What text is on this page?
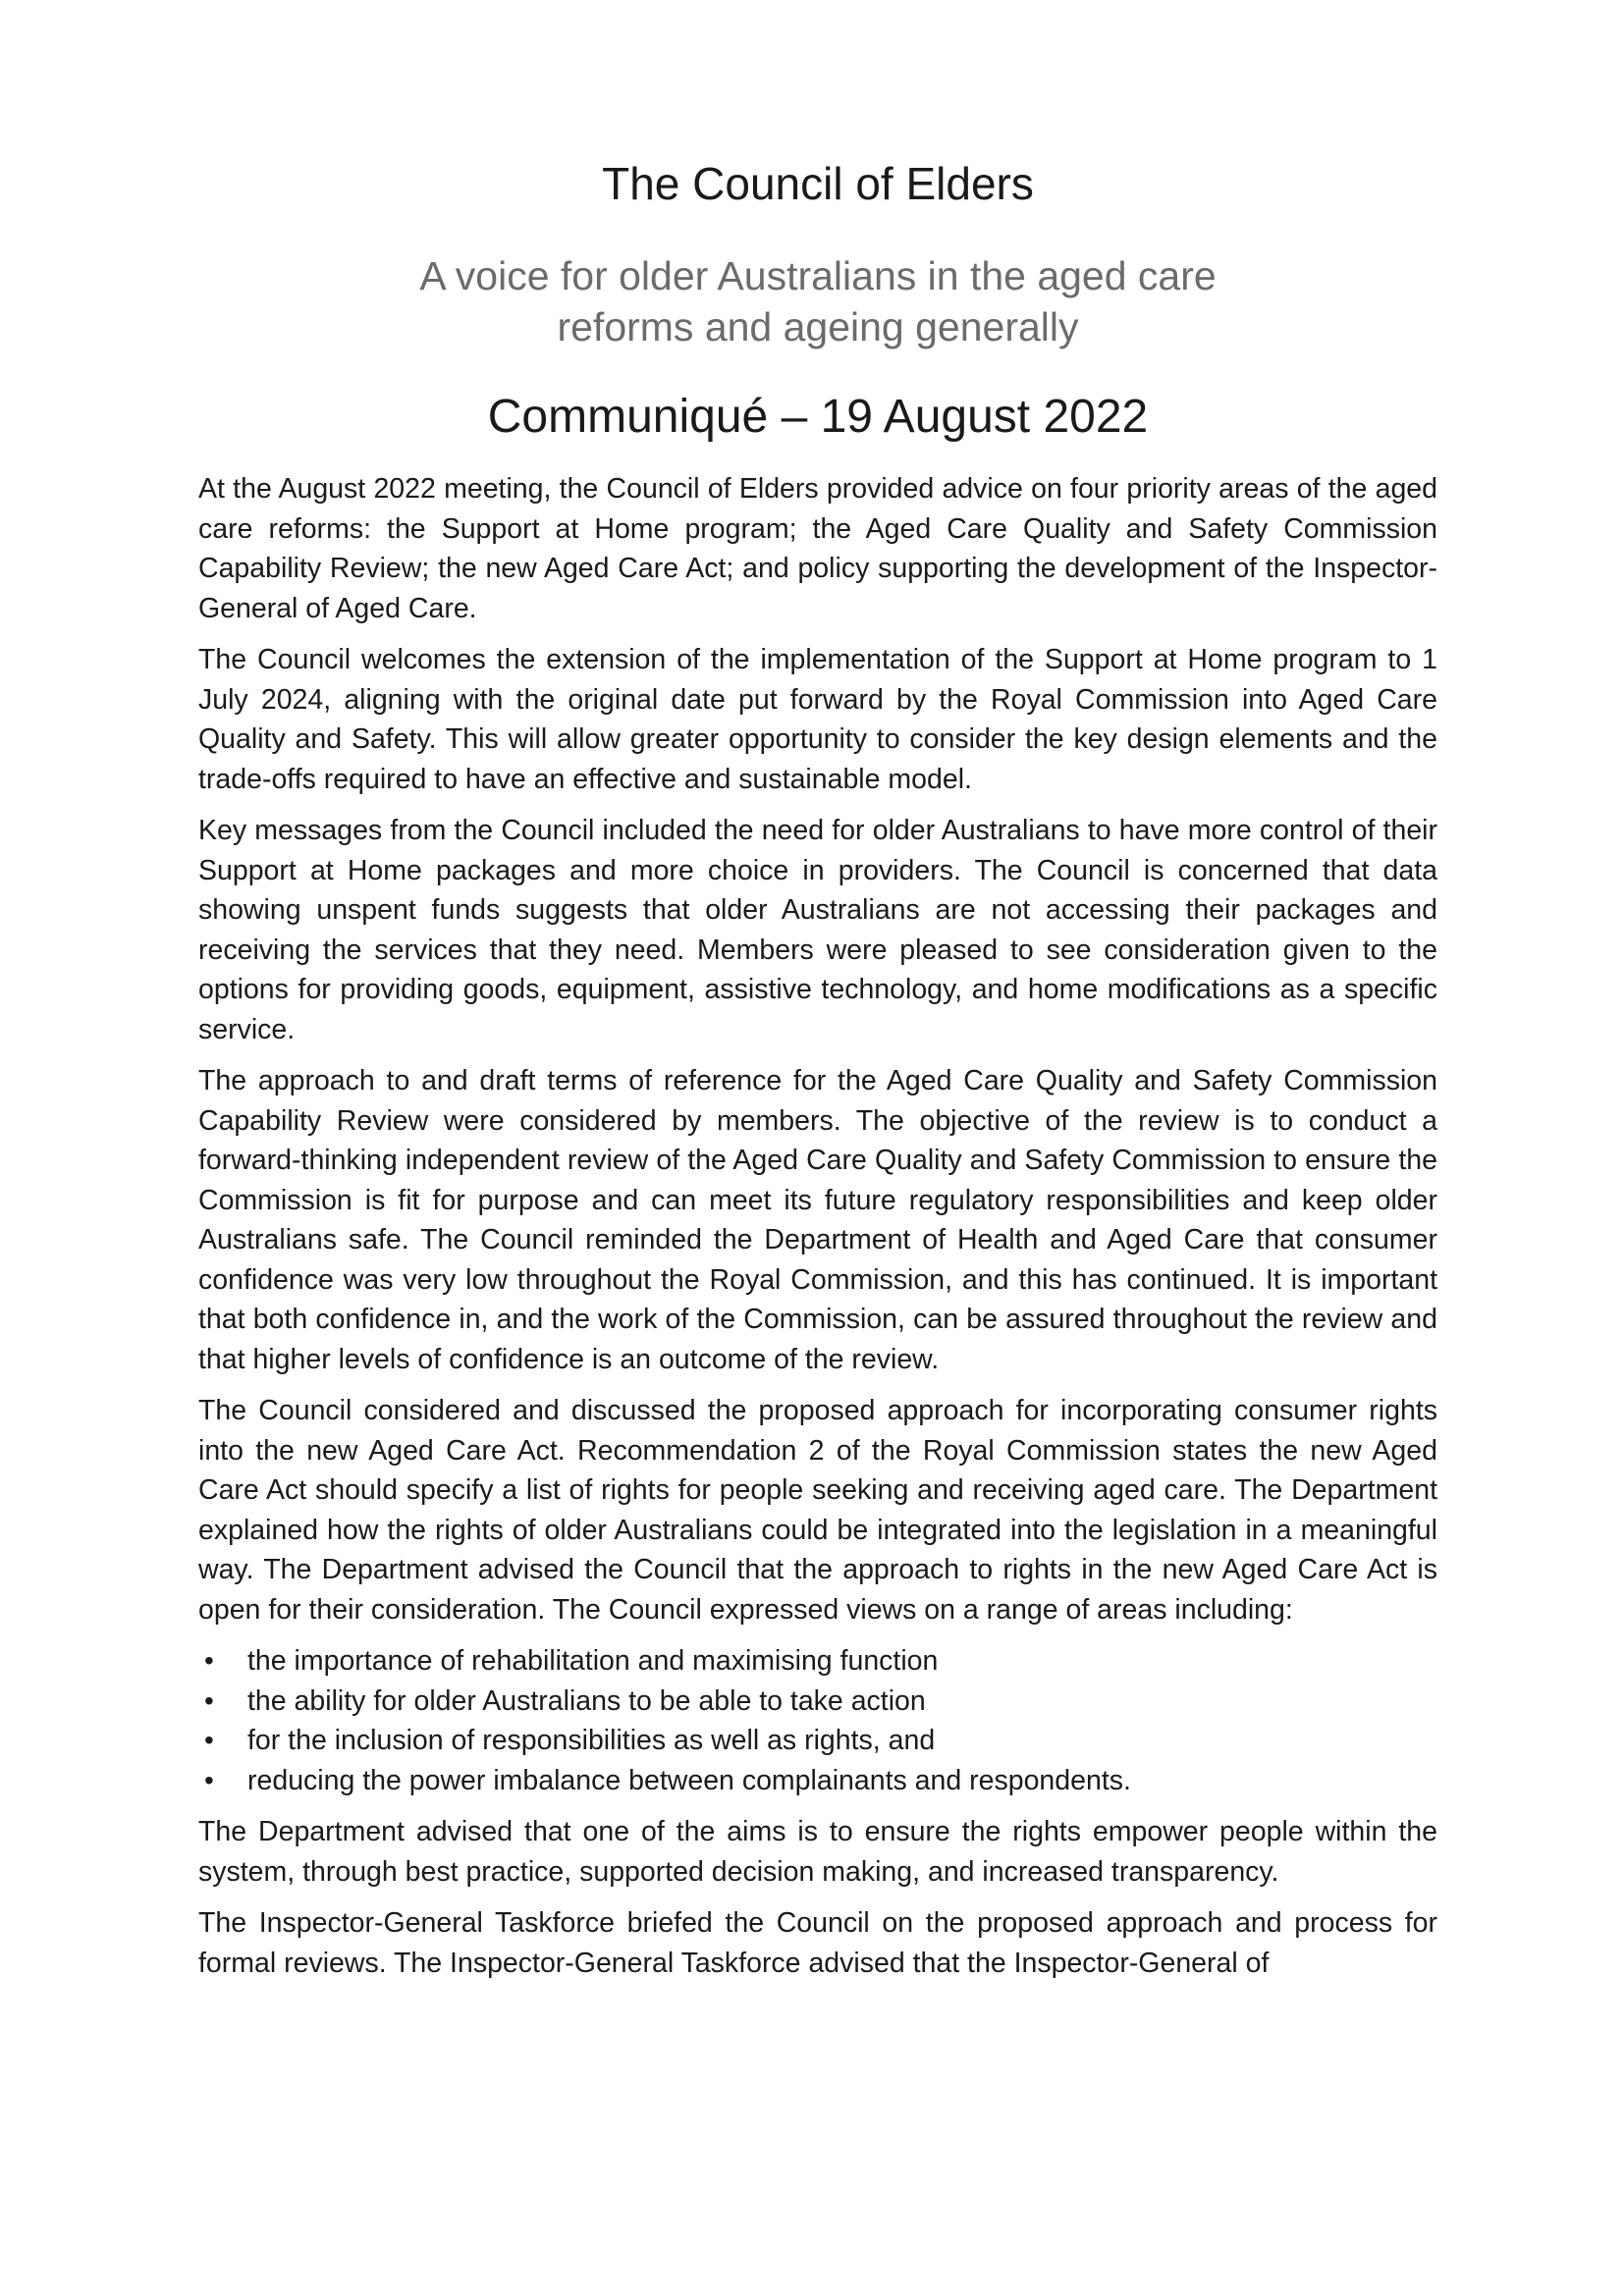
The Council of Elders
A voice for older Australians in the aged care
reforms and ageing generally
Communiqué – 19 August 2022

At the August 2022 meeting, the Council of Elders provided advice on four priority areas of the aged care reforms: the Support at Home program; the Aged Care Quality and Safety Commission Capability Review; the new Aged Care Act; and policy supporting the development of the Inspector-General of Aged Care.

The Council welcomes the extension of the implementation of the Support at Home program to 1 July 2024, aligning with the original date put forward by the Royal Commission into Aged Care Quality and Safety. This will allow greater opportunity to consider the key design elements and the trade-offs required to have an effective and sustainable model.

Key messages from the Council included the need for older Australians to have more control of their Support at Home packages and more choice in providers. The Council is concerned that data showing unspent funds suggests that older Australians are not accessing their packages and receiving the services that they need. Members were pleased to see consideration given to the options for providing goods, equipment, assistive technology, and home modifications as a specific service.

The approach to and draft terms of reference for the Aged Care Quality and Safety Commission Capability Review were considered by members. The objective of the review is to conduct a forward-thinking independent review of the Aged Care Quality and Safety Commission to ensure the Commission is fit for purpose and can meet its future regulatory responsibilities and keep older Australians safe. The Council reminded the Department of Health and Aged Care that consumer confidence was very low throughout the Royal Commission, and this has continued. It is important that both confidence in, and the work of the Commission, can be assured throughout the review and that higher levels of confidence is an outcome of the review.

The Council considered and discussed the proposed approach for incorporating consumer rights into the new Aged Care Act. Recommendation 2 of the Royal Commission states the new Aged Care Act should specify a list of rights for people seeking and receiving aged care. The Department explained how the rights of older Australians could be integrated into the legislation in a meaningful way. The Department advised the Council that the approach to rights in the new Aged Care Act is open for their consideration. The Council expressed views on a range of areas including:

• the importance of rehabilitation and maximising function
• the ability for older Australians to be able to take action
• for the inclusion of responsibilities as well as rights, and
• reducing the power imbalance between complainants and respondents.

The Department advised that one of the aims is to ensure the rights empower people within the system, through best practice, supported decision making, and increased transparency.

The Inspector-General Taskforce briefed the Council on the proposed approach and process for formal reviews. The Inspector-General Taskforce advised that the Inspector-General of
